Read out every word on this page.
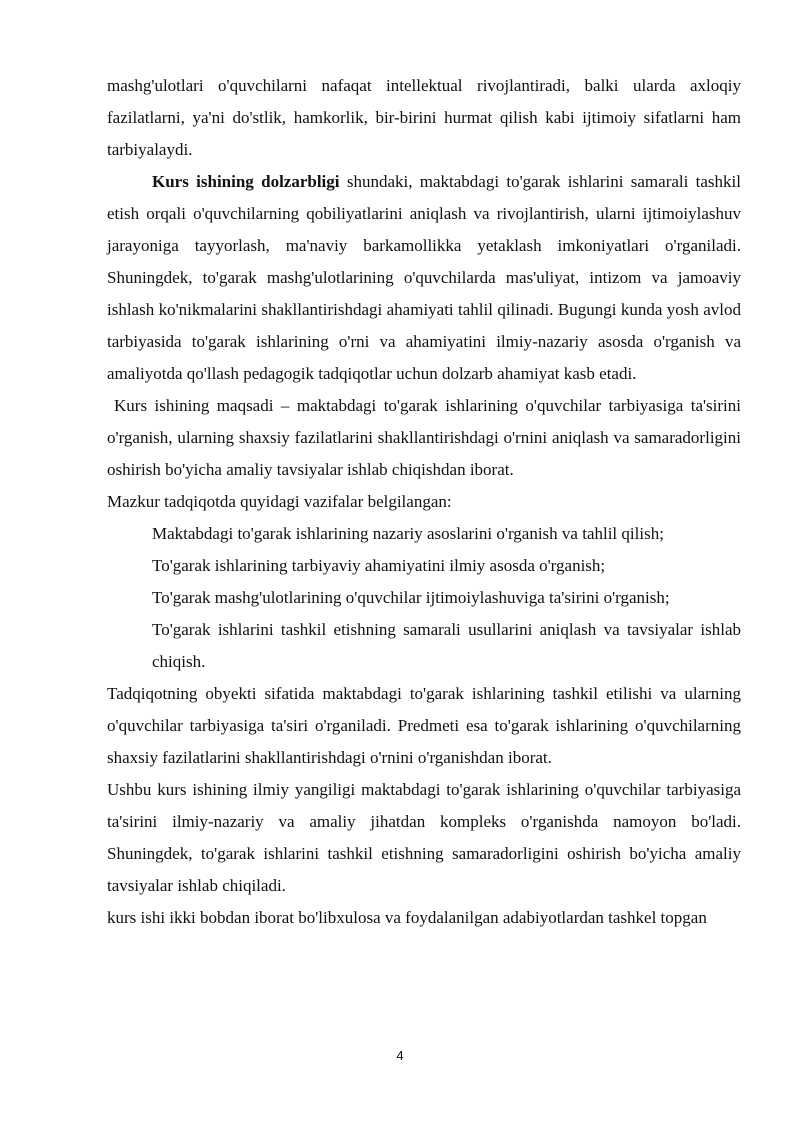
mashg'ulotlari o'quvchilarni nafaqat intellektual rivojlantiradi, balki ularda axloqiy fazilatlarni, ya'ni do'stlik, hamkorlik, bir-birini hurmat qilish kabi ijtimoiy sifatlarni ham tarbiyalaydi.

Kurs ishining dolzarbligi shundaki, maktabdagi to'garak ishlarini samarali tashkil etish orqali o'quvchilarning qobiliyatlarini aniqlash va rivojlantirish, ularni ijtimoiylashuv jarayoniga tayyorlash, ma'naviy barkamollikka yetaklash imkoniyatlari o'rganiladi. Shuningdek, to'garak mashg'ulotlarining o'quvchilarda mas'uliyat, intizom va jamoaviy ishlash ko'nikmalarini shakllantirishdagi ahamiyati tahlil qilinadi. Bugungi kunda yosh avlod tarbiyasida to'garak ishlarining o'rni va ahamiyatini ilmiy-nazariy asosda o'rganish va amaliyotda qo'llash pedagogik tadqiqotlar uchun dolzarb ahamiyat kasb etadi.

Kurs ishining maqsadi – maktabdagi to'garak ishlarining o'quvchilar tarbiyasiga ta'sirini o'rganish, ularning shaxsiy fazilatlarini shakllantirishdagi o'rnini aniqlash va samaradorligini oshirish bo'yicha amaliy tavsiyalar ishlab chiqishdan iborat.

Mazkur tadqiqotda quyidagi vazifalar belgilangan:

Maktabdagi to'garak ishlarining nazariy asoslarini o'rganish va tahlil qilish;

To'garak ishlarining tarbiyaviy ahamiyatini ilmiy asosda o'rganish;

To'garak mashg'ulotlarining o'quvchilar ijtimoiylashuviga ta'sirini o'rganish;

To'garak ishlarini tashkil etishning samarali usullarini aniqlash va tavsiyalar ishlab chiqish.

Tadqiqotning obyekti sifatida maktabdagi to'garak ishlarining tashkil etilishi va ularning o'quvchilar tarbiyasiga ta'siri o'rganiladi. Predmeti esa to'garak ishlarining o'quvchilarning shaxsiy fazilatlarini shakllantirishdagi o'rnini o'rganishdan iborat.

Ushbu kurs ishining ilmiy yangiligi maktabdagi to'garak ishlarining o'quvchilar tarbiyasiga ta'sirini ilmiy-nazariy va amaliy jihatdan kompleks o'rganishda namoyon bo'ladi. Shuningdek, to'garak ishlarini tashkil etishning samaradorligini oshirish bo'yicha amaliy tavsiyalar ishlab chiqiladi.

kurs ishi ikki bobdan iborat bo'libxulosa va foydalanilgan adabiyotlardan tashkel topgan

4
